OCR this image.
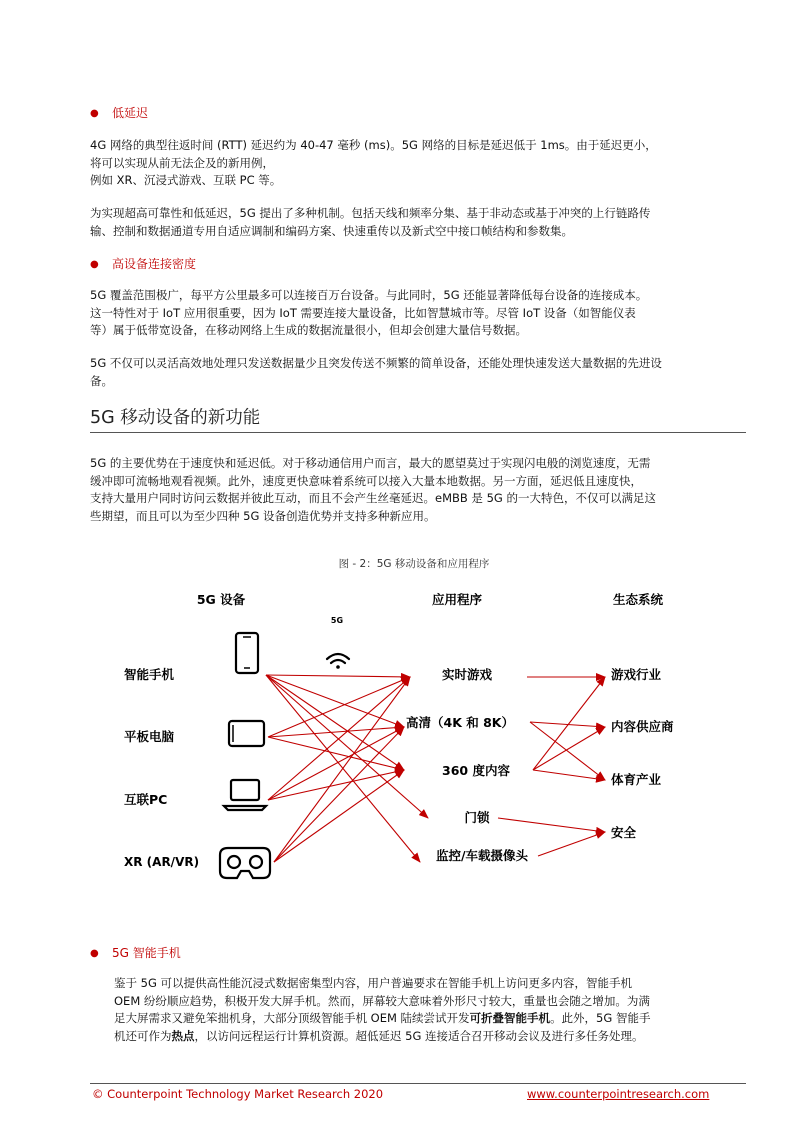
● 低延迟
4G 网络的典型往返时间 (RTT) 延迟约为 40-47 毫秒 (ms)。5G 网络的目标是延迟低于 1ms。由于延迟更小，
将可以实现从前无法企及的新用例，
例如 XR、沉浸式游戏、互联 PC 等。
为实现超高可靠性和低延迟，5G 提出了多种机制。包括天线和频率分集、基于非动态或基于冲突的上行链路传
输、控制和数据通道专用自适应调制和编码方案、快速重传以及新式空中接口帧结构和参数集。
● 高设备连接密度
5G 覆盖范围极广，每平方公里最多可以连接百万台设备。与此同时，5G 还能显著降低每台设备的连接成本。
这一特性对于 IoT 应用很重要，因为 IoT 需要连接大量设备，比如智慧城市等。尽管 IoT 设备（如智能仪表
等）属于低带宽设备，在移动网络上生成的数据流量很小，但却会创建大量信号数据。
5G 不仅可以灵活高效地处理只发送数据量少且突发传送不频繁的简单设备，还能处理快速发送大量数据的先进设
备。
5G 移动设备的新功能
5G 的主要优势在于速度快和延迟低。对于移动通信用户而言，最大的愿望莫过于实现闪电般的浏览速度，无需
缓冲即可流畅地观看视频。此外，速度更快意味着系统可以接入大量本地数据。另一方面，延迟低且速度快，
支持大量用户同时访问云数据并彼此互动，而且不会产生丝毫延迟。eMBB 是 5G 的一大特色，不仅可以满足这
些期望，而且可以为至少四种 5G 设备创造优势并支持多种新应用。
图 - 2：5G 移动设备和应用程序
5G 设备	应用程序	生态系统
5G
智能手机
平板电脑
互联PC
XR (AR/VR)
实时游戏
高清（4K 和 8K）
360 度内容
门锁
监控/车载摄像头
游戏行业
内容供应商
体育产业
安全
● 5G 智能手机
鉴于 5G 可以提供高性能沉浸式数据密集型内容，用户普遍要求在智能手机上访问更多内容，智能手机
OEM 纷纷顺应趋势，积极开发大屏手机。然而，屏幕较大意味着外形尺寸较大，重量也会随之增加。为满
足大屏需求又避免笨拙机身，大部分顶级智能手机 OEM 陆续尝试开发可折叠智能手机。此外，5G 智能手
机还可作为热点，以访问远程运行计算机资源。超低延迟 5G 连接适合召开移动会议及进行多任务处理。
© Counterpoint Technology Market Research 2020	www.counterpointresearch.com
